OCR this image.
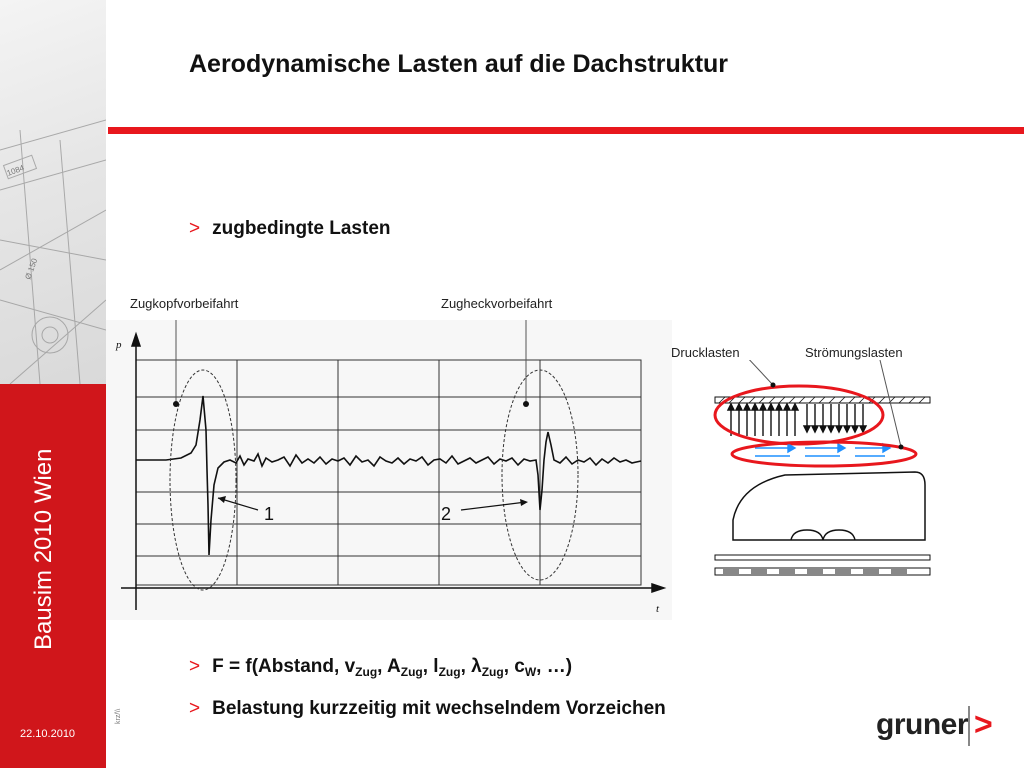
1084
Ø 150
Bausim 2010 Wien
22.10.2010
krz/\\
Aerodynamische Lasten auf die Dachstruktur
> zugbedingte Lasten
Zugkopfvorbeifahrt	Zugheckvorbeifahrt
p
t
1	2
Drucklasten	Strömungslasten
> F = f(Abstand, $v_{Zug}$, $A_{Zug}$, $l_{Zug}$, $\lambda_{Zug}$, $c_W$, …)
> Belastung kurzzeitig mit wechselndem Vorzeichen	gruner >
